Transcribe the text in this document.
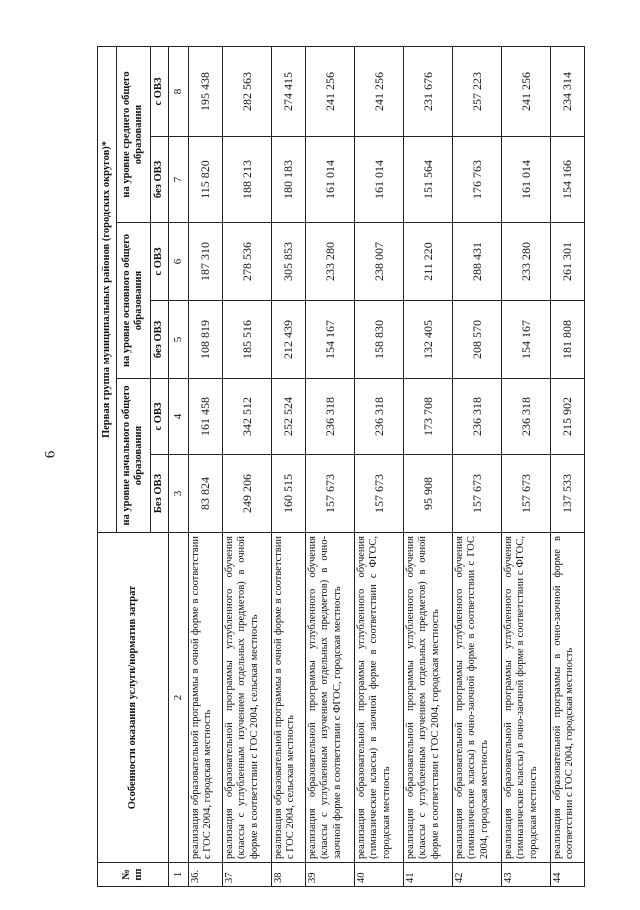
6
№ пп	Особенности оказания услуги/норматив затрат	Первая группа муниципальных районов (городских округов)*					
		на уровне начального общего образования		на уровне основного общего образования		на уровне среднего общего образования	
		Без ОВЗ	с ОВЗ	без ОВЗ	с ОВЗ	без ОВЗ	с ОВЗ
1	2	3	4	5	6	7	8
36.	реализация образовательной программы в очной форме в соответствии с ГОС 2004, городская местность	83 824	161 458	108 819	187 310	115 820	195 438
37	реализация образовательной программы углубленного обучения (классы с углубленным изучением отдельных предметов) в очной форме в соответствии с ГОС 2004, сельская местность	249 206	342 512	185 516	278 536	188 213	282 563
38	реализация образовательной программы в очной форме в соответствии с ГОС 2004, сельская местность	160 515	252 524	212 439	305 853	180 183	274 415
39	реализация образовательной программы углубленного обучения (классы с углубленным изучением отдельных предметов) в очно-заочной форме в соответствии с ФГОС, городская местность	157 673	236 318	154 167	233 280	161 014	241 256
40	реализация образовательной программы углубленного обучения (гимназические классы) в заочной форме в соответствии с ФГОС, городская местность	157 673	236 318	158 830	238 007	161 014	241 256
41	реализация образовательной программы углубленного обучения (классы с углубленным изучением отдельных предметов) в очной форме в соответствии с ГОС 2004, городская местность	95 908	173 708	132 405	211 220	151 564	231 676
42	реализация образовательной программы углубленного обучения (гимназические классы) в очно-заочной форме в соответствии с ГОС 2004, городская местность	157 673	236 318	208 570	288 431	176 763	257 223
43	реализация образовательной программы углубленного обучения (гимназические классы) в очно-заочной форме в соответствии с ФГОС, городская местность	157 673	236 318	154 167	233 280	161 014	241 256
44	реализация образовательной программы в очно-заочной форме в соответствии с ГОС 2004, городская местность	137 533	215 902	181 808	261 301	154 166	234 314
